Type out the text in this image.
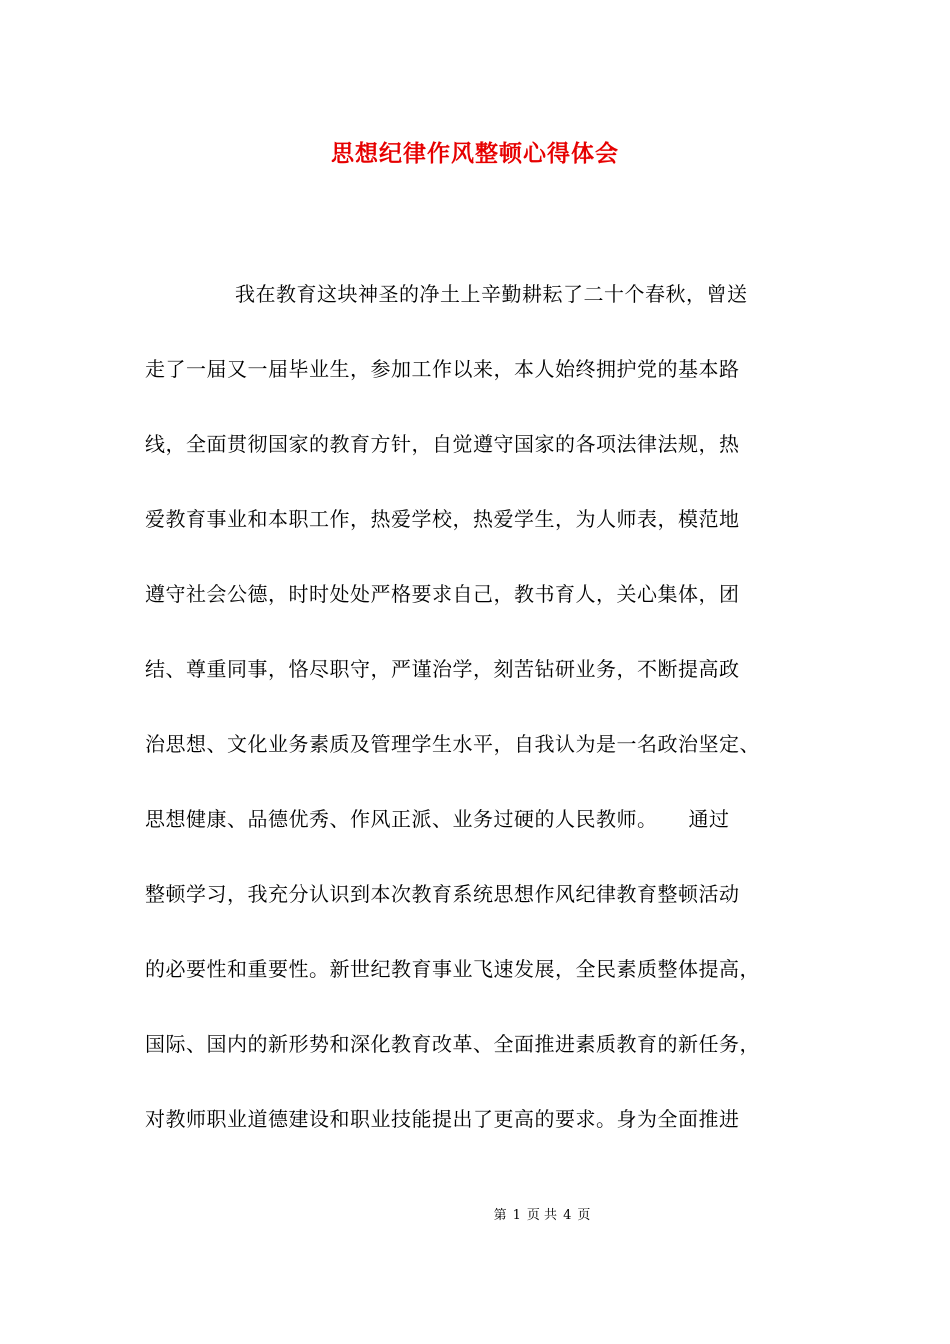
思想纪律作风整顿心得体会
我在教育这块神圣的净土上辛勤耕耘了二十个春秋，曾送
走了一届又一届毕业生，参加工作以来，本人始终拥护党的基本路
线，全面贯彻国家的教育方针，自觉遵守国家的各项法律法规，热
爱教育事业和本职工作，热爱学校，热爱学生，为人师表，模范地
遵守社会公德，时时处处严格要求自己，教书育人，关心集体，团
结、尊重同事，恪尽职守，严谨治学，刻苦钻研业务，不断提高政
治思想、文化业务素质及管理学生水平，自我认为是一名政治坚定、
思想健康、品德优秀、作风正派、业务过硬的人民教师。　　通过
整顿学习，我充分认识到本次教育系统思想作风纪律教育整顿活动
的必要性和重要性。新世纪教育事业飞速发展，全民素质整体提高，
国际、国内的新形势和深化教育改革、全面推进素质教育的新任务，
对教师职业道德建设和职业技能提出了更高的要求。身为全面推进
第 1 页 共 4 页
